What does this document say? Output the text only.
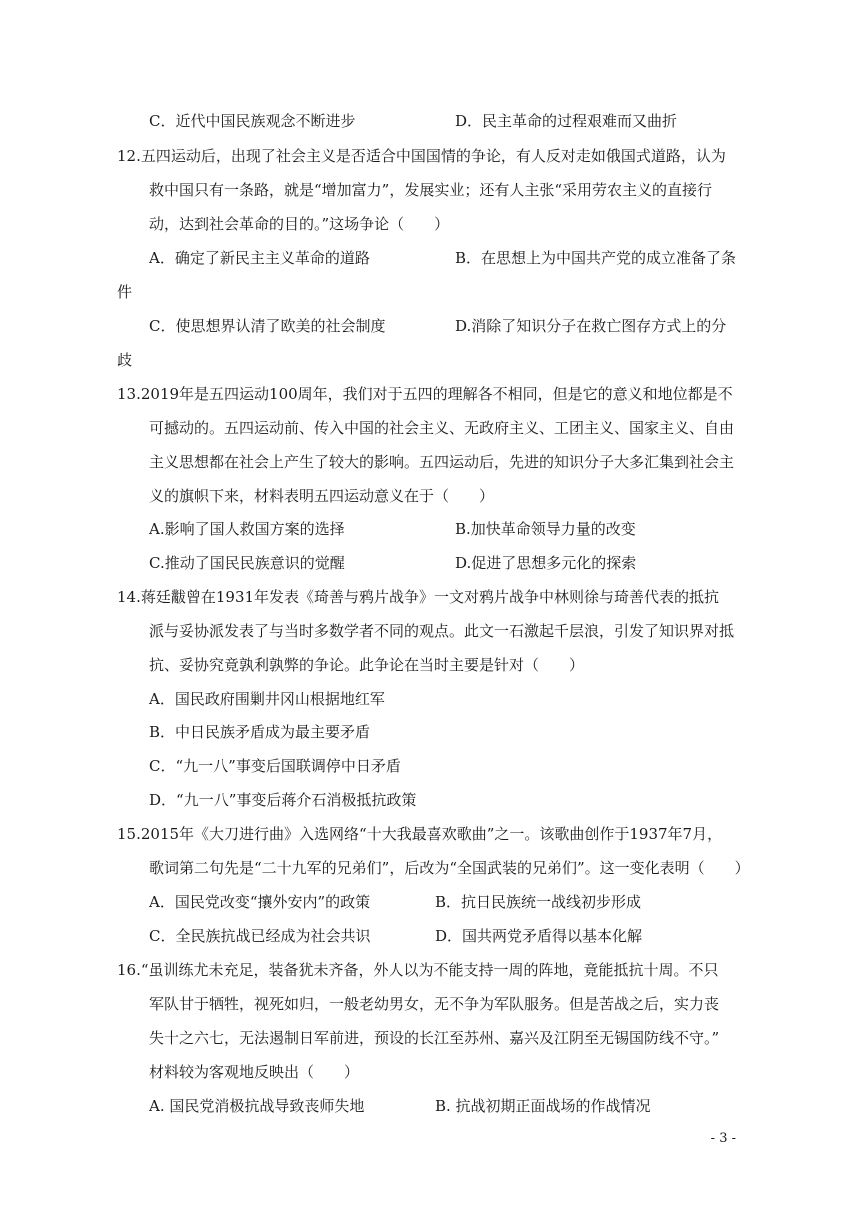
C．近代中国民族观念不断进步	D．民主革命的过程艰难而又曲折
12.五四运动后，出现了社会主义是否适合中国国情的争论，有人反对走如俄国式道路，认为
救中国只有一条路，就是“增加富力”，发展实业；还有人主张“采用劳农主义的直接行
动，达到社会革命的目的。”这场争论（　　）
A．确定了新民主主义革命的道路	B．在思想上为中国共产党的成立准备了条
件
C．使思想界认清了欧美的社会制度	D.消除了知识分子在救亡图存方式上的分
歧
13.2019年是五四运动100周年，我们对于五四的理解各不相同，但是它的意义和地位都是不
可撼动的。五四运动前、传入中国的社会主义、无政府主义、工团主义、国家主义、自由
主义思想都在社会上产生了较大的影响。五四运动后，先进的知识分子大多汇集到社会主
义的旗帜下来，材料表明五四运动意义在于（　　）
A.影响了国人救国方案的选择	B.加快革命领导力量的改变
C.推动了国民民族意识的觉醒	D.促进了思想多元化的探索
14.蒋廷黻曾在1931年发表《琦善与鸦片战争》一文对鸦片战争中林则徐与琦善代表的抵抗
派与妥协派发表了与当时多数学者不同的观点。此文一石激起千层浪，引发了知识界对抵
抗、妥协究竟孰利孰弊的争论。此争论在当时主要是针对（　　）
A．国民政府围剿井冈山根据地红军
B．中日民族矛盾成为最主要矛盾
C．“九一八”事变后国联调停中日矛盾
D．“九一八”事变后蒋介石消极抵抗政策
15.2015年《大刀进行曲》入选网络“十大我最喜欢歌曲”之一。该歌曲创作于1937年7月，
歌词第二句先是“二十九军的兄弟们”，后改为“全国武装的兄弟们”。这一变化表明（　　）
A．国民党改变“攘外安内”的政策	B．抗日民族统一战线初步形成
C．全民族抗战已经成为社会共识	D．国共两党矛盾得以基本化解
16.“虽训练尤未充足，装备犹未齐备，外人以为不能支持一周的阵地，竟能抵抗十周。不只
军队甘于牺牲，视死如归，一般老幼男女，无不争为军队服务。但是苦战之后，实力丧
失十之六七，无法遏制日军前进，预设的长江至苏州、嘉兴及江阴至无锡国防线不守。”
材料较为客观地反映出（　　）
A. 国民党消极抗战导致丧师失地	B. 抗战初期正面战场的作战情况
- 3 -
